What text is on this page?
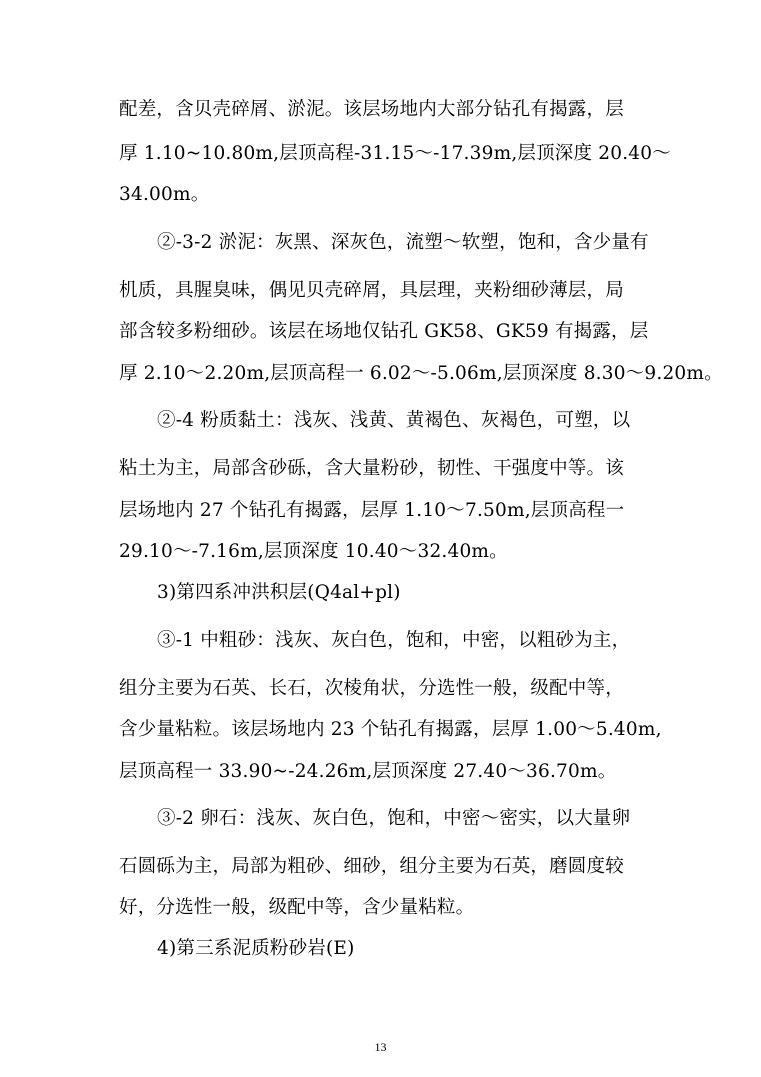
配差，含贝壳碎屑、淤泥。该层场地内大部分钻孔有揭露，层
厚 1.10~10.80m,层顶高程-31.15～-17.39m,层顶深度 20.40～
34.00m。
②-3-2 淤泥：灰黑、深灰色，流塑～软塑，饱和，含少量有
机质，具腥臭味，偶见贝壳碎屑，具层理，夹粉细砂薄层，局
部含较多粉细砂。该层在场地仅钻孔 GK58、GK59 有揭露，层
厚 2.10～2.20m,层顶高程一 6.02～-5.06m,层顶深度 8.30～9.20m。
②-4 粉质黏土：浅灰、浅黄、黄褐色、灰褐色，可塑，以
粘土为主，局部含砂砾，含大量粉砂，韧性、干强度中等。该
层场地内 27 个钻孔有揭露，层厚 1.10～7.50m,层顶高程一
29.10～-7.16m,层顶深度 10.40～32.40m。
3)第四系冲洪积层(Q4al+pl)
③-1 中粗砂：浅灰、灰白色，饱和，中密，以粗砂为主，
组分主要为石英、长石，次棱角状，分选性一般，级配中等，
含少量粘粒。该层场地内 23 个钻孔有揭露，层厚 1.00～5.40m,
层顶高程一 33.90~-24.26m,层顶深度 27.40～36.70m。
③-2 卵石：浅灰、灰白色，饱和，中密～密实，以大量卵
石圆砾为主，局部为粗砂、细砂，组分主要为石英，磨圆度较
好，分选性一般，级配中等，含少量粘粒。
4)第三系泥质粉砂岩(E)
13
